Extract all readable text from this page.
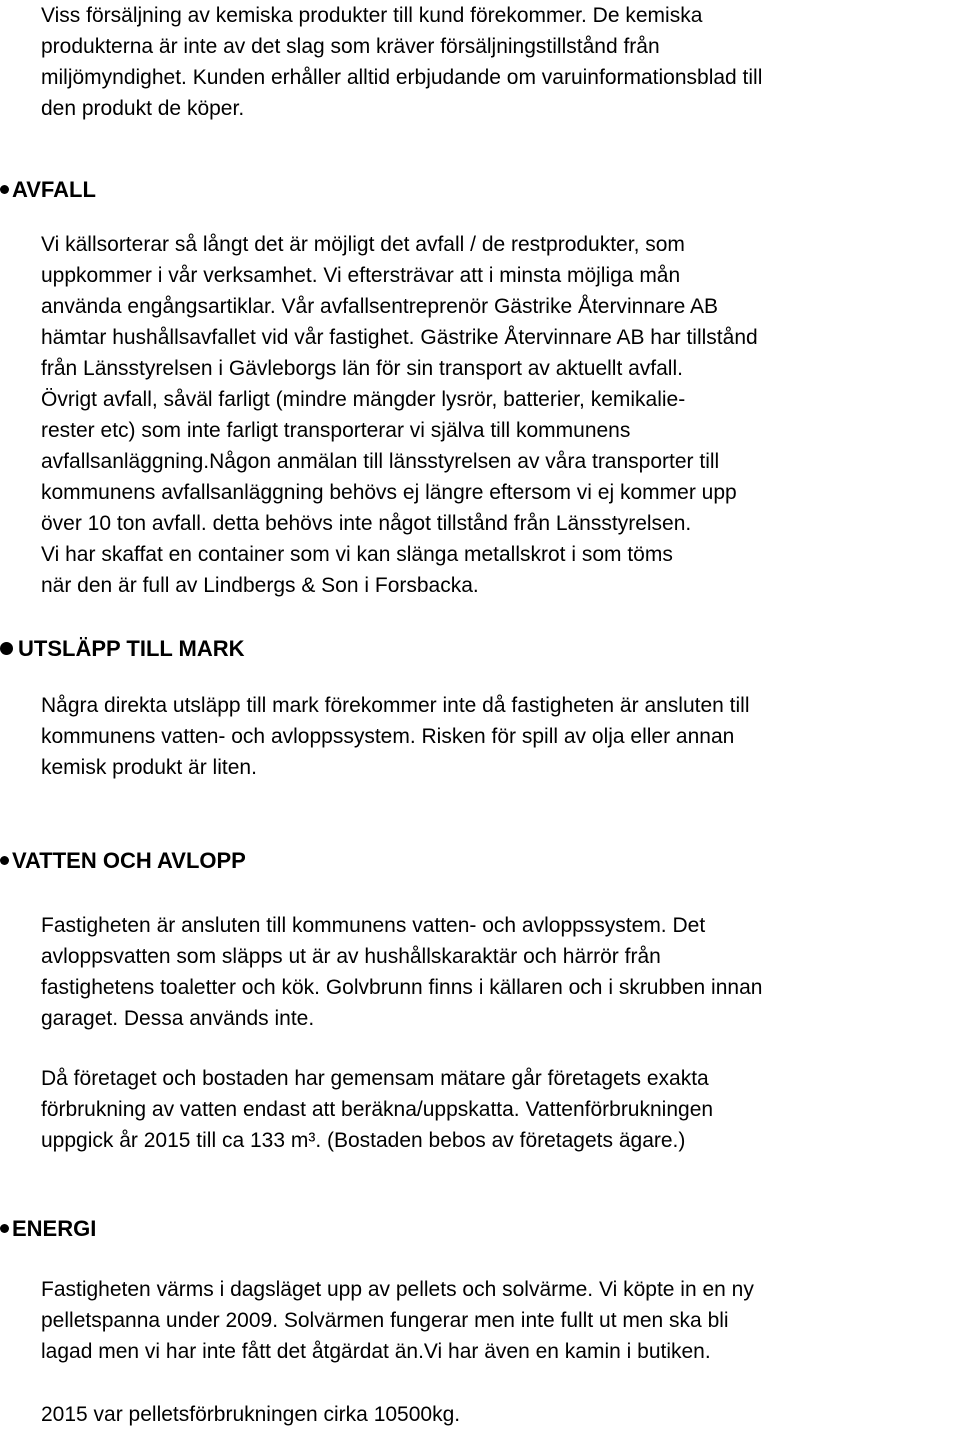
Viss försäljning av kemiska produkter till kund förekommer. De kemiska

produkterna är inte av det slag som kräver försäljningstillstånd från

miljömyndighet. Kunden erhåller alltid erbjudande om varuinformationsblad till

den produkt de köper.

AVFALL

Vi källsorterar så långt det är möjligt det avfall / de restprodukter, som

uppkommer i vår verksamhet. Vi eftersträvar att i minsta möjliga mån

använda engångsartiklar. Vår avfallsentreprenör Gästrike Återvinnare AB

hämtar hushållsavfallet vid vår fastighet. Gästrike Återvinnare AB har tillstånd

från Länsstyrelsen i Gävleborgs län för sin transport av aktuellt avfall.

Övrigt avfall, såväl farligt (mindre mängder lysrör, batterier, kemikalie-

rester etc) som inte farligt transporterar vi själva till kommunens

avfallsanläggning.Någon anmälan till länsstyrelsen av våra transporter till

kommunens avfallsanläggning behövs ej längre eftersom vi ej kommer upp

över 10 ton avfall. detta behövs inte något tillstånd från Länsstyrelsen.

Vi har skaffat en container som vi kan slänga metallskrot i som töms

när den är full av Lindbergs & Son i Forsbacka.

UTSLÄPP TILL MARK

Några direkta utsläpp till mark förekommer inte då fastigheten är ansluten till

kommunens vatten- och avloppssystem. Risken för spill av olja eller annan

kemisk produkt är liten.

VATTEN OCH AVLOPP

Fastigheten är ansluten till kommunens vatten- och avloppssystem. Det

avloppsvatten som släpps ut är av hushållskaraktär och härrör från

fastighetens toaletter och kök. Golvbrunn finns i källaren och i skrubben innan

garaget. Dessa används inte.

Då företaget och bostaden har gemensam mätare går företagets exakta

förbrukning av vatten endast att beräkna/uppskatta. Vattenförbrukningen

uppgick år 2015 till ca 133 m³. (Bostaden bebos av företagets ägare.)

ENERGI

Fastigheten värms i dagsläget upp av pellets och solvärme. Vi köpte in en ny

pelletspanna under 2009. Solvärmen fungerar men inte fullt ut men ska bli

lagad men vi har inte fått det åtgärdat än.Vi har även en kamin i butiken.

2015 var pelletsförbrukningen cirka 10500kg.
